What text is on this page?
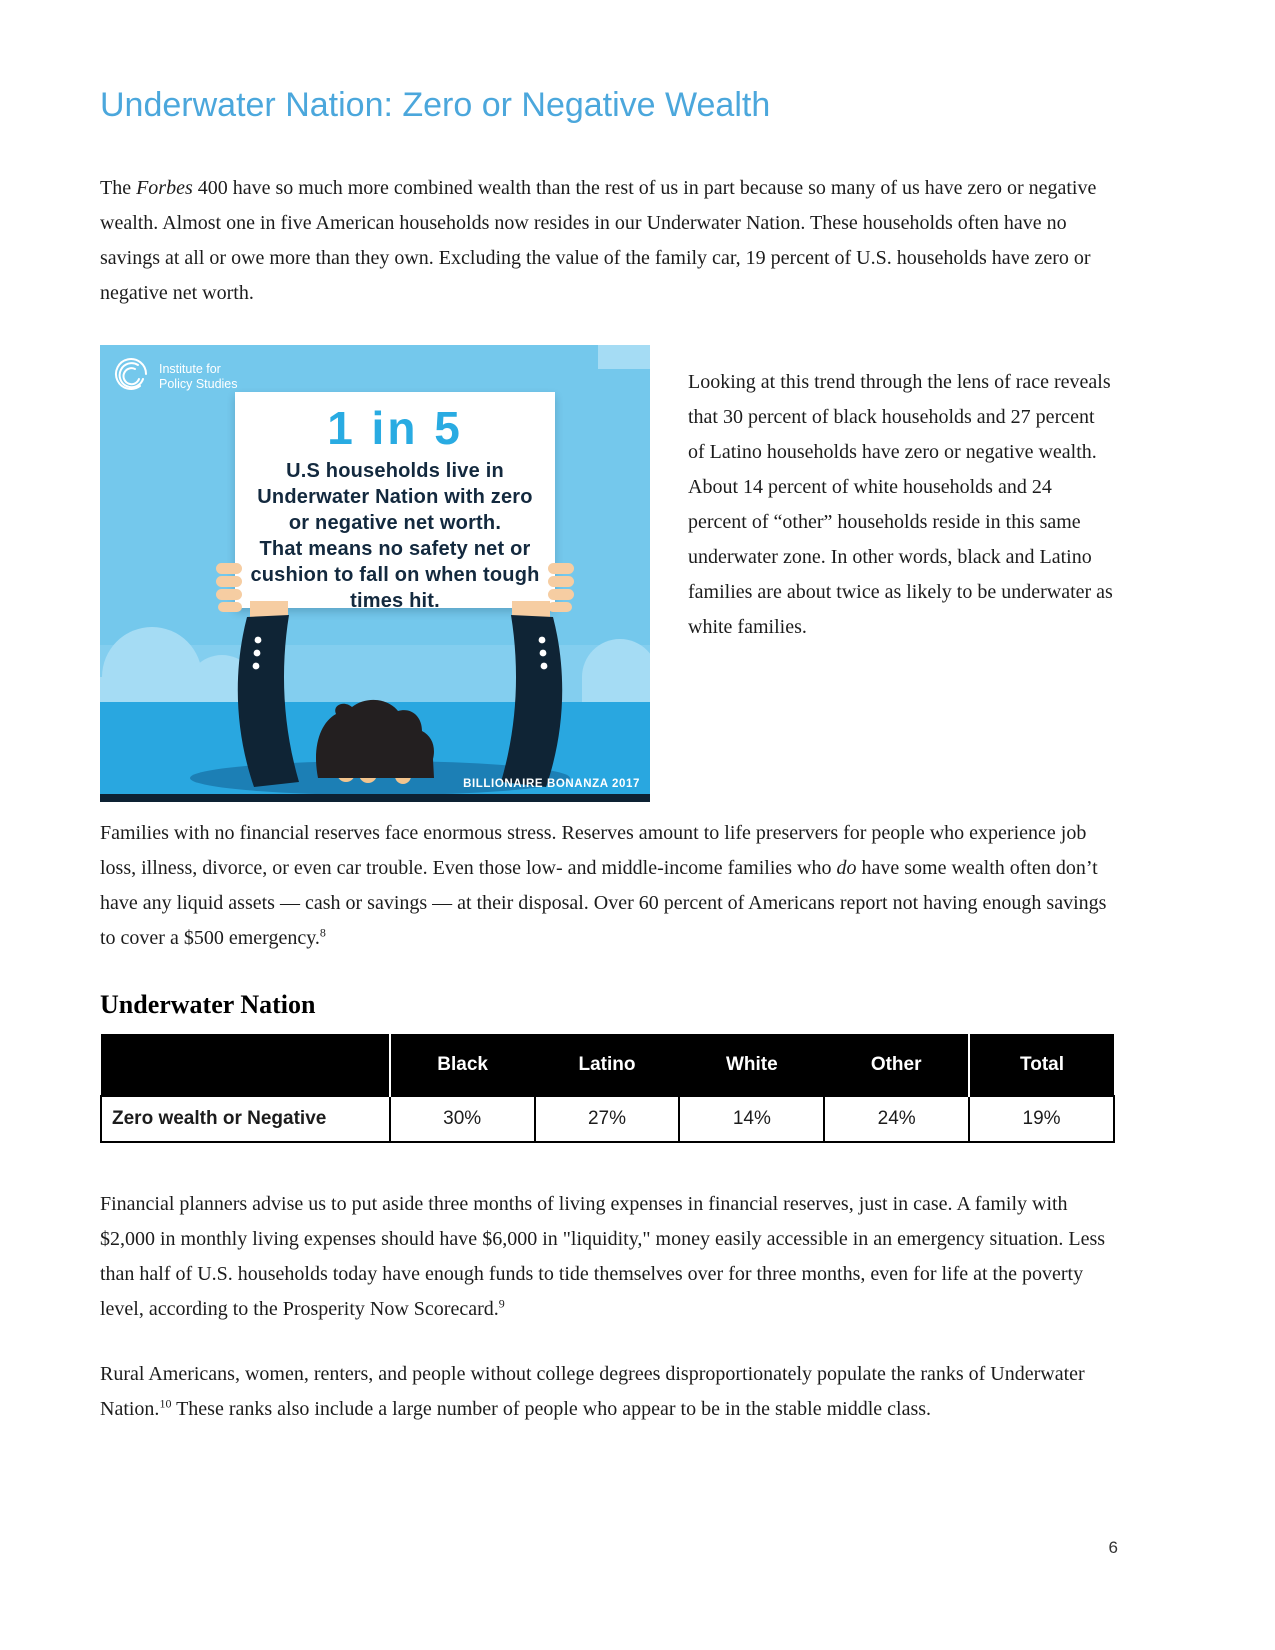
Underwater Nation: Zero or Negative Wealth

The Forbes 400 have so much more combined wealth than the rest of us in part because so many of us have zero or negative wealth. Almost one in five American households now resides in our Underwater Nation. These households often have no savings at all or owe more than they own. Excluding the value of the family car, 19 percent of U.S. households have zero or negative net worth.

1 in 5
U.S households live in
Underwater Nation with zero
or negative net worth.
That means no safety net or
cushion to fall on when tough
times hit.
Institute for
Policy Studies
BILLIONAIRE BONANZA 2017

Looking at this trend through the lens of race reveals that 30 percent of black households and 27 percent of Latino households have zero or negative wealth. About 14 percent of white households and 24 percent of “other” households reside in this same underwater zone. In other words, black and Latino families are about twice as likely to be underwater as white families.

Families with no financial reserves face enormous stress. Reserves amount to life preservers for people who experience job loss, illness, divorce, or even car trouble. Even those low- and middle-income families who do have some wealth often don’t have any liquid assets — cash or savings — at their disposal. Over 60 percent of Americans report not having enough savings to cover a $500 emergency.$^8$

Underwater Nation
	Black	Latino	White	Other	Total
Zero wealth or Negative	30%	27%	14%	24%	19%

Financial planners advise us to put aside three months of living expenses in financial reserves, just in case. A family with $2,000 in monthly living expenses should have $6,000 in "liquidity," money easily accessible in an emergency situation. Less than half of U.S. households today have enough funds to tide themselves over for three months, even for life at the poverty level, according to the Prosperity Now Scorecard.$^9$

Rural Americans, women, renters, and people without college degrees disproportionately populate the ranks of Underwater Nation.$^{10}$ These ranks also include a large number of people who appear to be in the stable middle class.

6
